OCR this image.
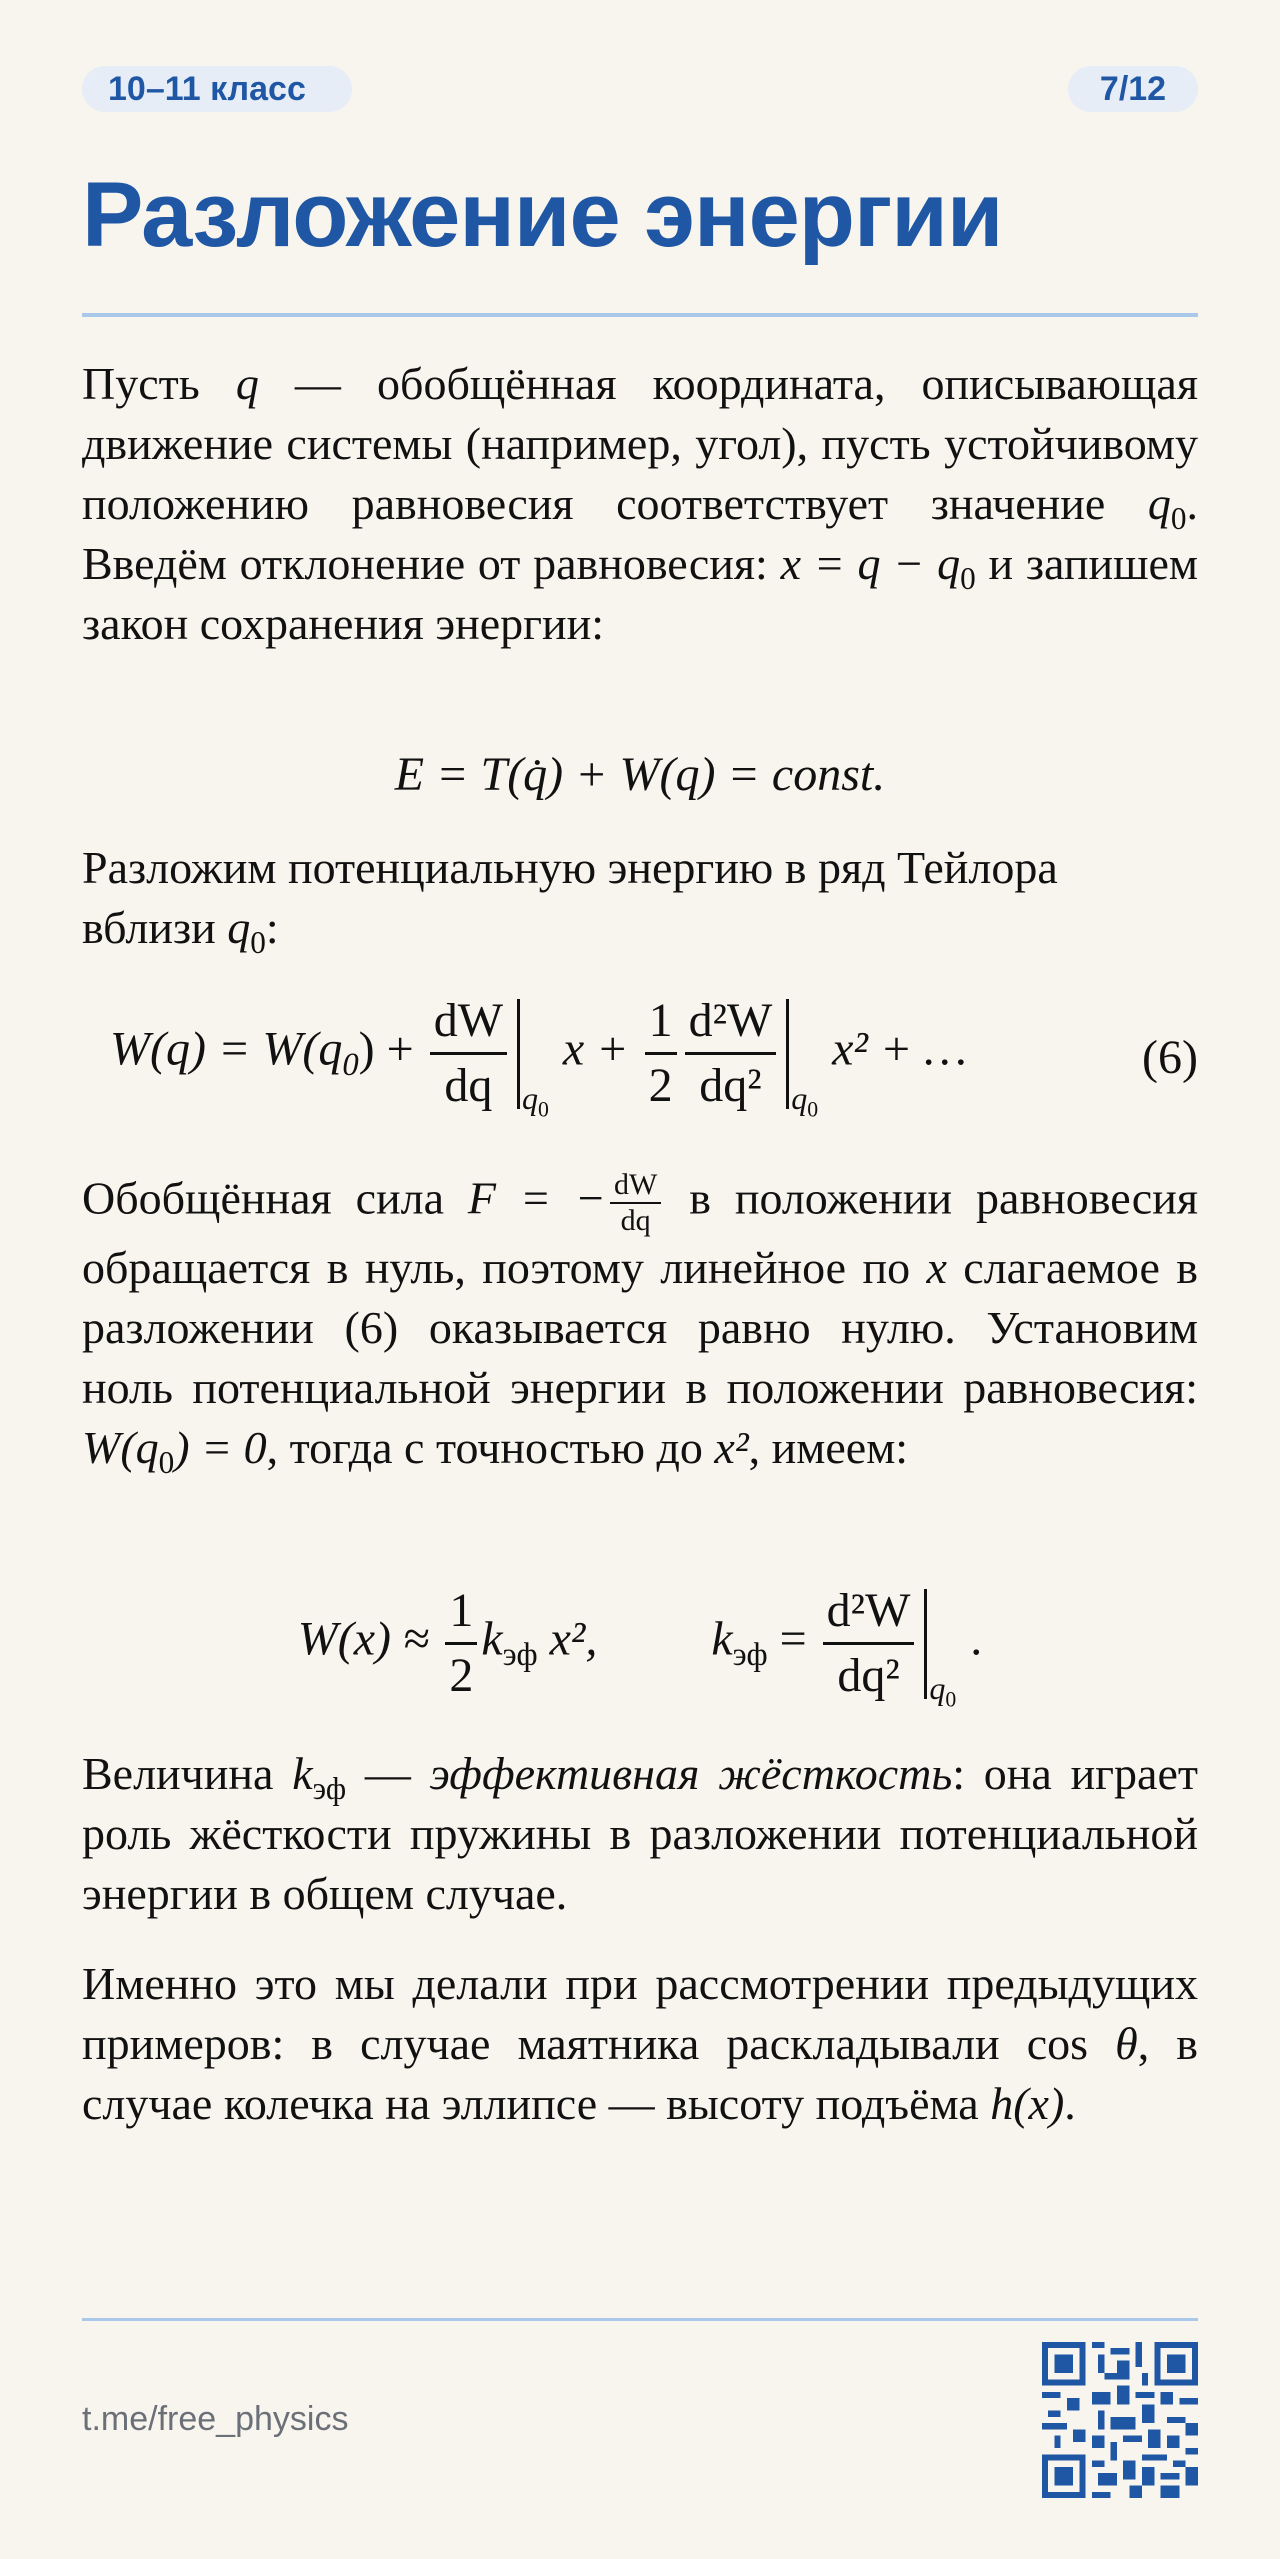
10–11 класс	7/12
Разложение энергии

Пусть q — обобщённая координата, описывающая движение системы (например, угол), пусть устойчивому положению равновесия соответствует значение $q_0$. Введём отклонение от равновесия: $x = q - q_0$ и запишем закон сохранения энергии:

E = T(q̇) + W(q) = const.

Разложим потенциальную энергию в ряд Тейлора вблизи $q_0$:

$W(q) = W(q_0) + \frac{dW}{dq} q_0x + \frac{1}{2} \frac{\text{d²W}}{\text{dq²}} q_0x^2$ + …	(6)

Обобщённая сила F = − $\frac{dW}{dq}$ в положении равновесия обращается в нуль, поэтому линейное по x слагаемое в разложении (6) оказывается равно нулю. Установим ноль потенциальной энергии в положении равновесия: $W(q_0) = 0$, тогда с точностью до x², имеем:

$W(x) \approx \frac{1}{2} k_{эф}$ x², $k_{эф} = \frac{\text{d²W}}{\text{dq²}} q_0$.

Величина $k_{эф}$ — эффективная жёсткость: она играет роль жёсткости пружины в разложении потенциальной энергии в общем случае.

Именно это мы делали при рассмотрении предыдущих примеров: в случае маятника раскладывали cos θ, в случае колечка на эллипсе — высоту подъёма h(x).

t.me/free_physics
